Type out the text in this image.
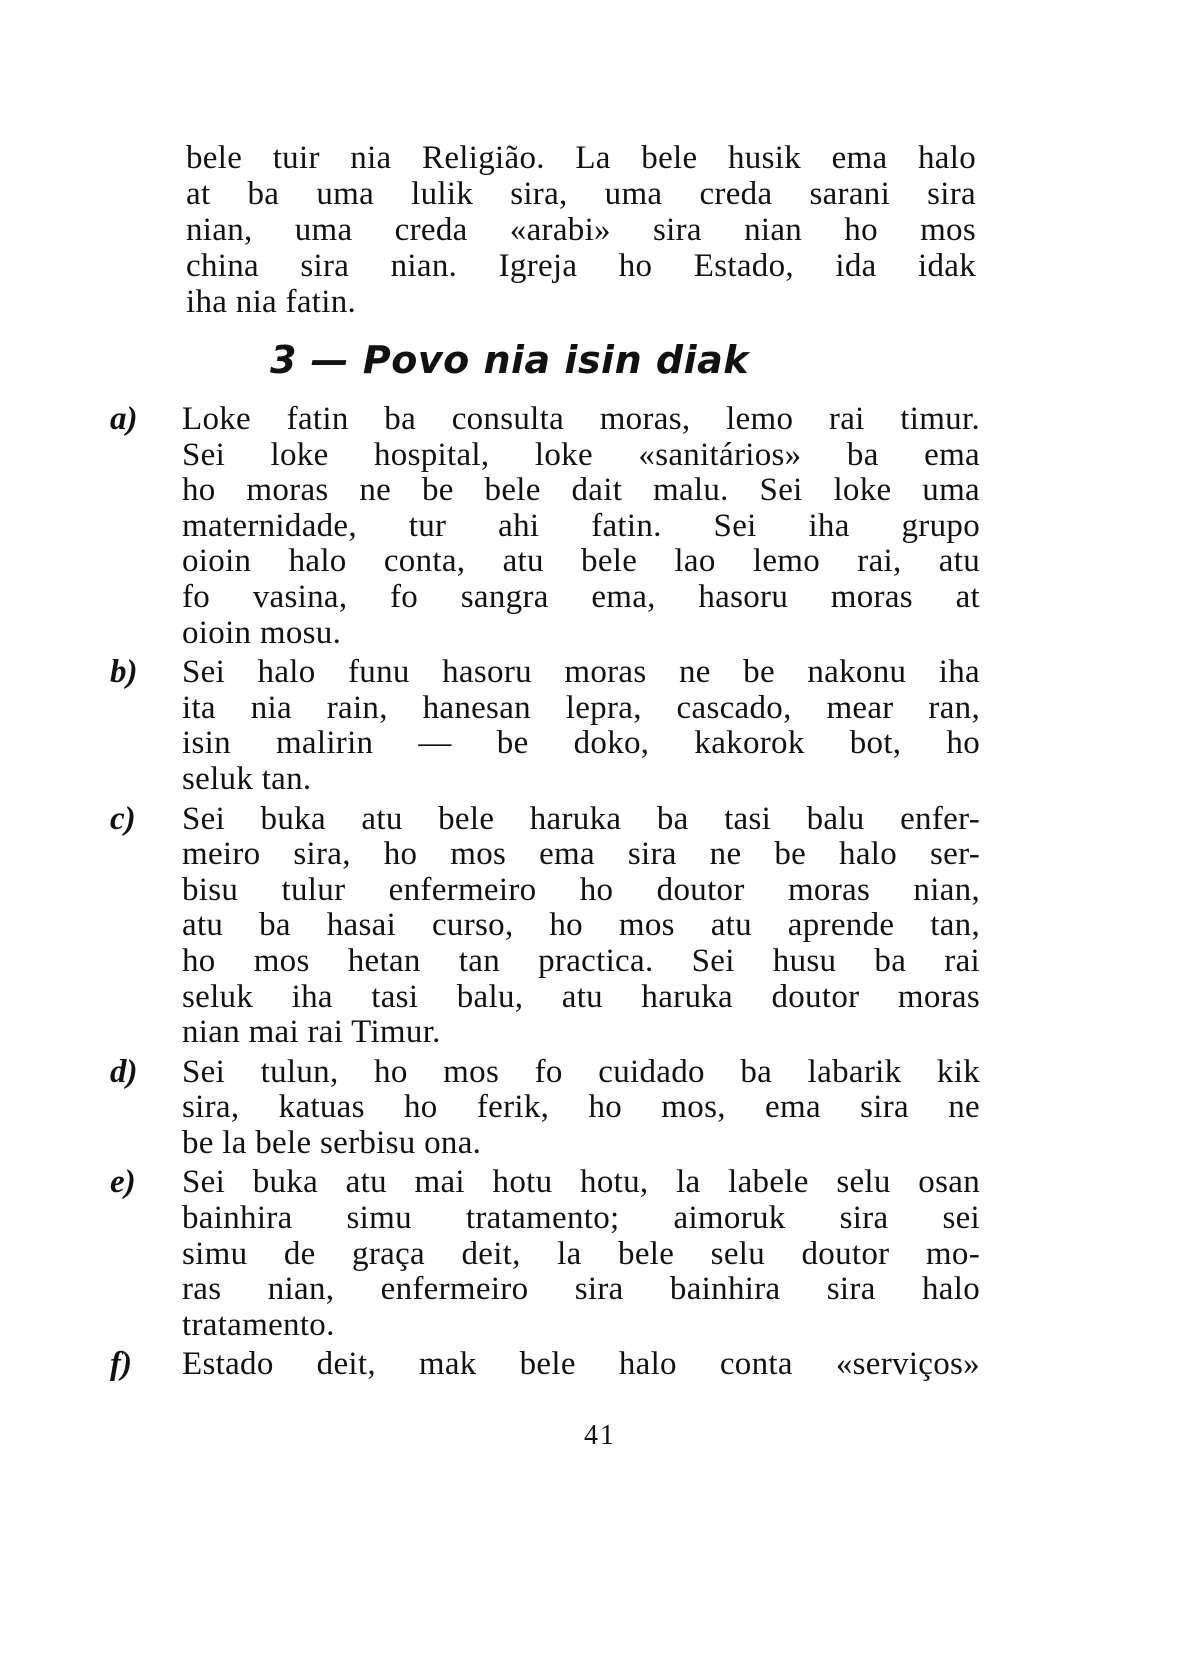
bele tuir nia Religião. La bele husik ema halo
at ba uma lulik sira, uma creda sarani sira
nian, uma creda «arabi» sira nian ho mos
china sira nian. Igreja ho Estado, ida idak
iha nia fatin.
3 — Povo nia isin diak
a)	Loke fatin ba consulta moras, lemo rai timur.
Sei loke hospital, loke «sanitários» ba ema
ho moras ne be bele dait malu. Sei loke uma
maternidade, tur ahi fatin. Sei iha grupo
oioin halo conta, atu bele lao lemo rai, atu
fo vasina, fo sangra ema, hasoru moras at
oioin mosu.
b)	Sei halo funu hasoru moras ne be nakonu iha
ita nia rain, hanesan lepra, cascado, mear ran,
isin malirin — be doko, kakorok bot, ho
seluk tan.
c)	Sei buka atu bele haruka ba tasi balu enfer-
meiro sira, ho mos ema sira ne be halo ser-
bisu tulur enfermeiro ho doutor moras nian,
atu ba hasai curso, ho mos atu aprende tan,
ho mos hetan tan practica. Sei husu ba rai
seluk iha tasi balu, atu haruka doutor moras
nian mai rai Timur.
d)	Sei tulun, ho mos fo cuidado ba labarik kik
sira, katuas ho ferik, ho mos, ema sira ne
be la bele serbisu ona.
e)	Sei buka atu mai hotu hotu, la labele selu osan
bainhira simu tratamento; aimoruk sira sei
simu de graça deit, la bele selu doutor mo-
ras nian, enfermeiro sira bainhira sira halo
tratamento.
f)	Estado deit, mak bele halo conta «serviços»
41
